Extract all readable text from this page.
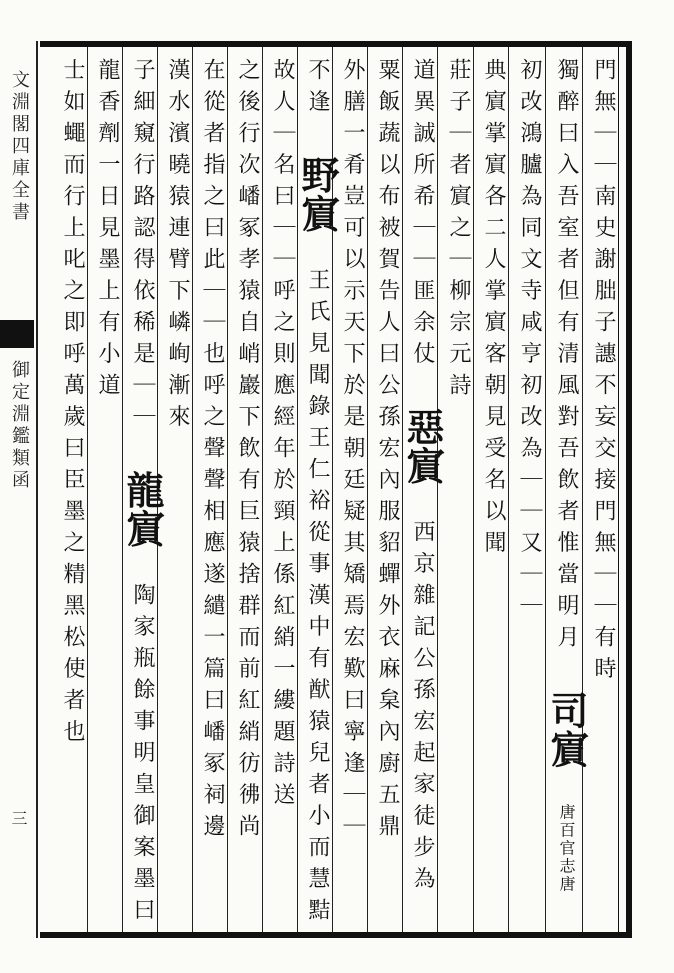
文淵閣四庫全書
御定淵鑑類函
三
門無｜｜南史謝朏子譓不妄交接門無｜｜有時
獨醉曰入吾室者但有清風對吾飲者惟當明月 司賔 唐百官志唐
初改鴻臚為同文寺咸亨初改為｜｜又｜｜
典賔掌賔各二人掌賔客朝見受名以聞
莊子｜者賔之｜柳宗元詩
道異誠所希｜｜匪余仗 惡賔 西京雜記公孫宏起家徒步為
粟飯蔬以布被賀告人曰公孫宏內服貂蟬外衣麻枲內廚五鼎
外膳一肴豈可以示天下於是朝廷疑其矯焉宏歎曰寧逢｜｜
不逢 野賔 王氏見聞錄王仁裕從事漢中有猷猿兒者小而慧黠
故人｜名曰｜｜呼之則應經年於頸上係紅綃一縷題詩送
之後行次嶓冢孝猿自峭巖下飲有巨猿捨群而前紅綃彷彿尚
在從者指之曰此｜｜也呼之聲聲相應遂繾一篇曰嶓冢祠邊
漢水濱曉猿連臂下嶙峋漸來
子細窺行路認得依稀是｜｜ 龍賔 陶家瓶餘事明皇御案墨曰
龍香劑一日見墨上有小道
士如蠅而行上叱之即呼萬歲曰臣墨之精黑松使者也
